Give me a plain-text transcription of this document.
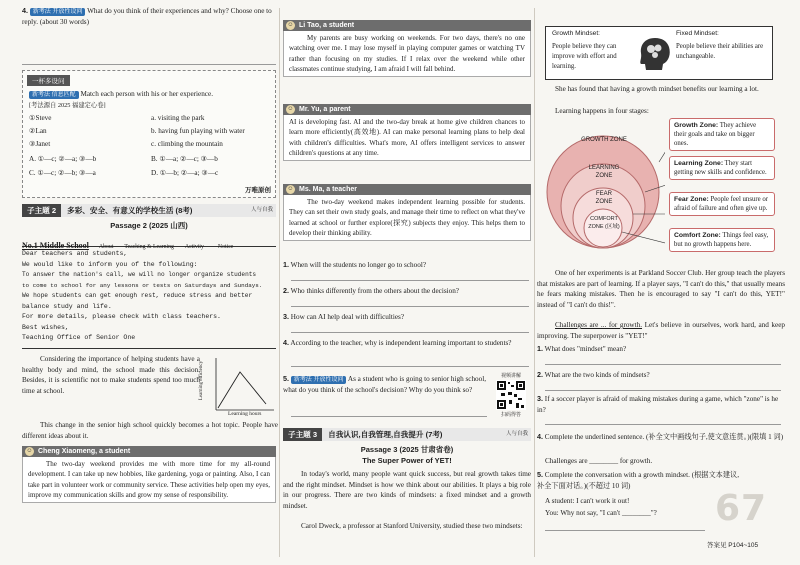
4. 新考法 开放性设问 What do you think of their experiences and why? Choose one to reply. (about 30 words)
一杯多设问
新考法 信息匹配 Match each person with his or her experience.
[考法源自 2025 福建定心卷]
①Steve
②Lan
③Janet
a. visiting the park
b. having fun playing with water
c. climbing the mountain
A. ①—c; ②—a; ③—b	B. ①—a; ②—c; ③—b
C. ①—c; ②—b; ③—a	D. ①—b; ②—a; ③—c
万唯原创
子主题 2 多彩、安全、有意义的学校生活 (8考)	人与自我
Passage 2 (2025 山西)
No.1 Middle School About Teaching & Learning Activity Notice
Dear teachers and students,
We would like to inform you of the following:
To answer the nation's call, we will no longer organize students
to come to school for any lessons or tests on Saturdays and Sundays.
We hope students can get enough rest, reduce stress and better
balance study and life.
For more details, please check with class teachers.
Best wishes,
Teaching Office of Senior One
Considering the importance of helping students have a healthy body and mind, the school made this decision. Besides, it is scientific not to make students spend too much time at school.	Learning efficiency
Learning hours
This change in the senior high school quickly becomes a hot topic. People have different ideas about it.
☺ Cheng Xiaomeng, a student
The two-day weekend provides me with more time for my all-round development. I can take up new hobbies, like gardening, yoga or painting. Also, I can take part in volunteer work or community service. These activities help open my eyes, improve my communication skills and grow my sense of responsibility.
☺ Li Tao, a student
My parents are busy working on weekends. For two days, there's no one watching over me. I may lose myself in playing computer games or watching TV rather than focusing on my studies. If I relax over the weekend while other classmates continue studying, I am afraid I will fall behind.
☺ Mr. Yu, a parent
AI is developing fast. AI and the two-day break at home give children chances to learn more efficiently(高效地). AI can make personal learning plans to help deal with children's difficulties. What's more, AI offers intelligent services to answer children's questions at any time.
☺ Ms. Ma, a teacher
The two-day weekend makes independent learning possible for students. They can set their own study goals, and manage their time to reflect on what they've learned at school or further explore(探究) subjects they enjoy. This helps them to develop their thinking ability.
1. When will the students no longer go to school?
2. Who thinks differently from the others about the decision?
3. How can AI help deal with difficulties?
4. According to the teacher, why is independent learning important to students?
5. 新考法 开放性设问 As a student who is going to senior high school, what do you think of the school's decision? Why do you think so?
视频讲解
扫码得答
子主题 3 自我认识,自我管理,自我提升 (7考)	人与自我
Passage 3 (2025 甘肃省卷)
The Super Power of YET!
In today's world, many people want quick success, but real growth takes time and the right mindset. Mindset is how we think about our abilities. It plays a big role in our progress. There are two kinds of mindsets: a fixed mindset and a growth mindset.
Carol Dweck, a professor at Stanford University, studied these two mindsets:
Growth Mindset:
People believe they can improve with effort and learning.
Fixed Mindset:
People believe their abilities are unchangeable.
She has found that having a growth mindset benefits our learning a lot.
Learning happens in four stages:
GROWTH ZONE
LEARNING ZONE
FEAR ZONE
COMFORT ZONE (区域)
Growth Zone: They achieve their goals and take on bigger ones.
Learning Zone: They start getting new skills and confidence.
Fear Zone: People feel unsure or afraid of failure and often give up.
Comfort Zone: Things feel easy, but no growth happens here.
One of her experiments is at Parkland Soccer Club. Her group teach the players that mistakes are part of learning. If a player says, "I can't do this," that usually means he fears making mistakes. Then he is encouraged to say "I can't do this, YET!" instead of "I can't do this!".
Challenges are ... for growth. Let's believe in ourselves, work hard, and keep improving. The superpower is "YET!"
1. What does "mindset" mean?
2. What are the two kinds of mindsets?
3. If a soccer player is afraid of making mistakes during a game, which "zone" is he in?
4. Complete the underlined sentence. (补全文中画线句子,使文意连贯。)(限填 1 词)
Challenges are ________ for growth.
5. Complete the conversation with a growth mindset. (根据文本建议,补全下面对话。)(不超过 10 词)
A student: I can't work it out!
You: Why not say, "I can't ________"? 67
答案见 P104~105
